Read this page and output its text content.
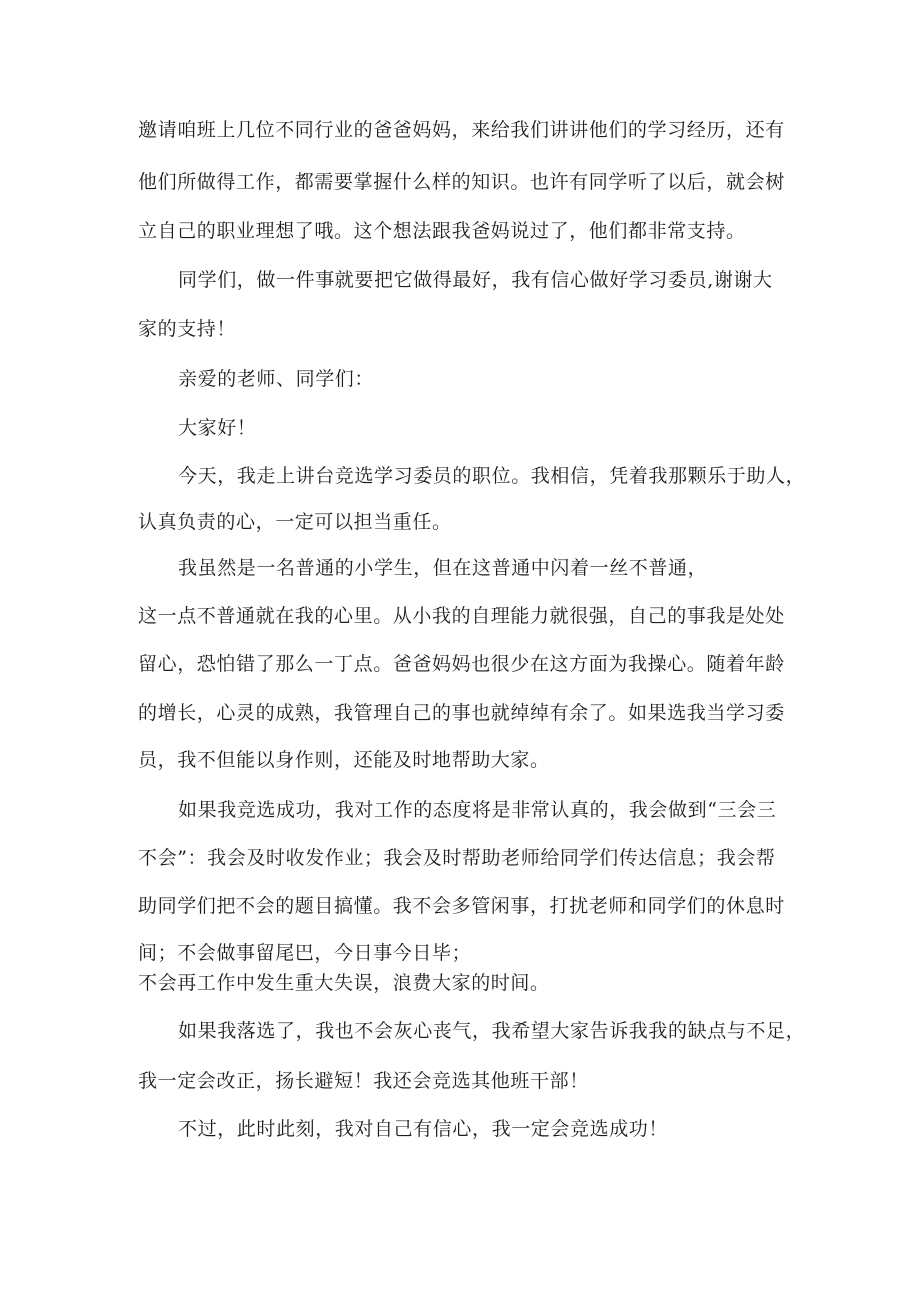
邀请咱班上几位不同行业的爸爸妈妈，来给我们讲讲他们的学习经历，还有
他们所做得工作，都需要掌握什么样的知识。也许有同学听了以后，就会树
立自己的职业理想了哦。这个想法跟我爸妈说过了，他们都非常支持。
同学们，做一件事就要把它做得最好，我有信心做好学习委员,谢谢大
家的支持！
亲爱的老师、同学们：
大家好！
今天，我走上讲台竞选学习委员的职位。我相信，凭着我那颗乐于助人，
认真负责的心，一定可以担当重任。
我虽然是一名普通的小学生，但在这普通中闪着一丝不普通，
这一点不普通就在我的心里。从小我的自理能力就很强，自己的事我是处处
留心，恐怕错了那么一丁点。爸爸妈妈也很少在这方面为我操心。随着年龄
的增长，心灵的成熟，我管理自己的事也就绰绰有余了。如果选我当学习委
员，我不但能以身作则，还能及时地帮助大家。
如果我竞选成功，我对工作的态度将是非常认真的，我会做到“三会三
不会”：我会及时收发作业；我会及时帮助老师给同学们传达信息；我会帮
助同学们把不会的题目搞懂。我不会多管闲事，打扰老师和同学们的休息时
间；不会做事留尾巴，今日事今日毕；
不会再工作中发生重大失误，浪费大家的时间。
如果我落选了，我也不会灰心丧气，我希望大家告诉我我的缺点与不足，
我一定会改正，扬长避短！我还会竞选其他班干部！
不过，此时此刻，我对自己有信心，我一定会竞选成功！
